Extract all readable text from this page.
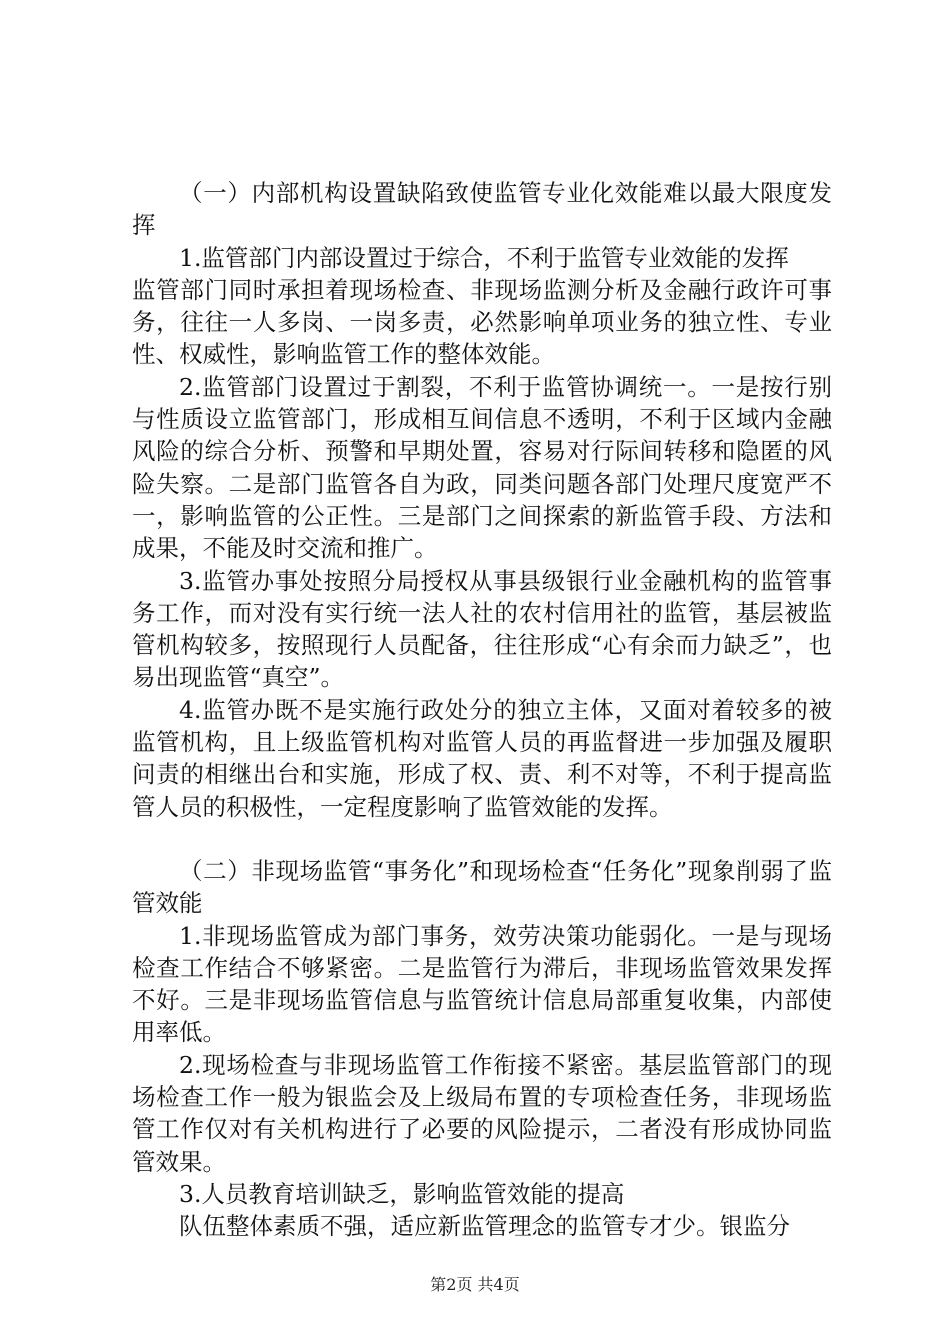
（一）内部机构设置缺陷致使监管专业化效能难以最大限度发挥

1.监管部门内部设置过于综合，不利于监管专业效能的发挥

监管部门同时承担着现场检查、非现场监测分析及金融行政许可事务，往往一人多岗、一岗多责，必然影响单项业务的独立性、专业性、权威性，影响监管工作的整体效能。

2.监管部门设置过于割裂，不利于监管协调统一。一是按行别与性质设立监管部门，形成相互间信息不透明，不利于区域内金融风险的综合分析、预警和早期处置，容易对行际间转移和隐匿的风险失察。二是部门监管各自为政，同类问题各部门处理尺度宽严不一，影响监管的公正性。三是部门之间探索的新监管手段、方法和成果，不能及时交流和推广。

3.监管办事处按照分局授权从事县级银行业金融机构的监管事务工作，而对没有实行统一法人社的农村信用社的监管，基层被监管机构较多，按照现行人员配备，往往形成“心有余而力缺乏”，也易出现监管“真空”。

4.监管办既不是实施行政处分的独立主体，又面对着较多的被监管机构，且上级监管机构对监管人员的再监督进一步加强及履职问责的相继出台和实施，形成了权、责、利不对等，不利于提高监管人员的积极性，一定程度影响了监管效能的发挥。

（二）非现场监管“事务化”和现场检查“任务化”现象削弱了监管效能

1.非现场监管成为部门事务，效劳决策功能弱化。一是与现场检查工作结合不够紧密。二是监管行为滞后，非现场监管效果发挥不好。三是非现场监管信息与监管统计信息局部重复收集，内部使用率低。

2.现场检查与非现场监管工作衔接不紧密。基层监管部门的现场检查工作一般为银监会及上级局布置的专项检查任务，非现场监管工作仅对有关机构进行了必要的风险提示，二者没有形成协同监管效果。

3.人员教育培训缺乏，影响监管效能的提高

队伍整体素质不强，适应新监管理念的监管专才少。银监分

第2页 共4页
